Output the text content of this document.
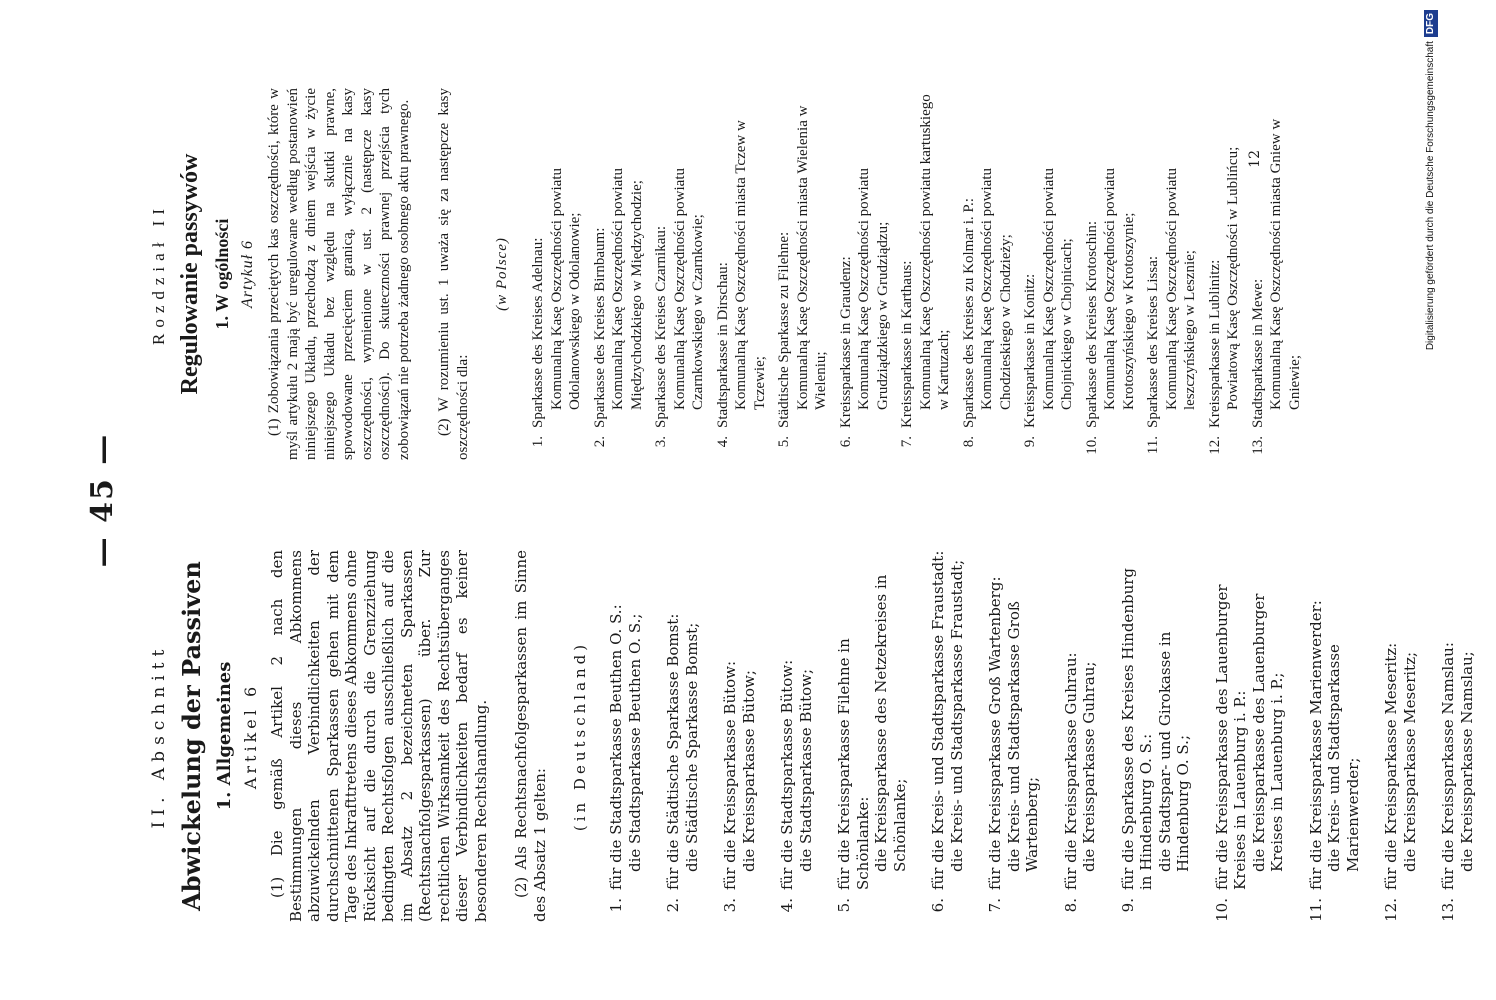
— 45 —
II. Abschnitt Abwickelung der Passiven 1. Allgemeines Artikel 6 (1) Die gemäß Artikel 2 nach den Bestimmungen dieses Abkommens abzuwickelnden Verbindlichkeiten der durchschnittenen Sparkassen gehen mit dem Tage des Inkrafttretens dieses Abkommens ohne Rücksicht auf die durch die Grenzziehung bedingten Rechtsfolgen ausschließlich auf die im Absatz 2 bezeichneten Sparkassen (Rechtsnachfolgesparkassen) über. Zur rechtlichen Wirksamkeit des Rechtsüberganges dieser Verbindlichkeiten bedarf es keiner besonderen Rechtshandlung. (2) Als Rechtsnachfolgesparkassen im Sinne des Absatz 1 gelten:
(in Deutschland)
1.
für die Stadtsparkasse Beuthen O. S.: die Stadtsparkasse Beuthen O. S.;
2.
für die Städtische Sparkasse Bomst: die Städtische Sparkasse Bomst;
3.
für die Kreissparkasse Bütow: die Kreissparkasse Bütow;
4.
für die Stadtsparkasse Bütow: die Stadtsparkasse Bütow;
5.
für die Kreissparkasse Filehne in Schönlanke: die Kreissparkasse des Netzekreises in Schönlanke;
6.
für die Kreis- und Stadtsparkasse Fraustadt: die Kreis- und Stadtsparkasse Fraustadt;
7.
für die Kreissparkasse Groß Wartenberg: die Kreis- und Stadtsparkasse Groß Wartenberg;
8.
für die Kreissparkasse Guhrau: die Kreissparkasse Guhrau;
9.
für die Sparkasse des Kreises Hindenburg in Hindenburg O. S.: die Stadtspar- und Girokasse in Hindenburg O. S.;
10.
für die Kreissparkasse des Lauenburger Kreises in Lauenburg i. P.: die Kreissparkasse des Lauenburger Kreises in Lauenburg i. P.;
11.
für die Kreissparkasse Marienwerder: die Kreis- und Stadtsparkasse Marienwerder;
12.
für die Kreissparkasse Meseritz: die Kreissparkasse Meseritz;
13.
für die Kreissparkasse Namslau: die Kreissparkasse Namslau;
Rozdział II Regulowanie passywów 1. W ogólności Artykuł 6 (1) Zobowiązania przeciętych kas oszczędności, które w myśl artykułu 2 mają być uregulowane według postanowień niniejszego Układu, przechodzą z dniem wejścia w życie niniejszego Układu bez względu na skutki prawne, spowodowane przecięciem granicą, wyłącznie na kasy oszczędności, wymienione w ust. 2 (następcze kasy oszczędności). Do skuteczności prawnej przejścia tych zobowiązań nie potrzeba żadnego osobnego aktu prawnego. (2) W rozumieniu ust. 1 uważa się za następcze kasy oszczędności dla:
(w Polsce)
1.
Sparkasse des Kreises Adelnau: Komunalną Kasę Oszczędności powiatu Odolanowskiego w Odolanowie;
2.
Sparkasse des Kreises Birnbaum: Komunalną Kasę Oszczędności powiatu Międzychodzkiego w Międzychodzie;
3.
Sparkasse des Kreises Czarnikau: Komunalną Kasę Oszczędności powiatu Czarnkowskiego w Czarnkowie;
4.
Stadtsparkasse in Dirschau: Komunalną Kasę Oszczędności miasta Tczew w Tczewie;
5.
Städtische Sparkasse zu Filehne: Komunalną Kasę Oszczędności miasta Wielenia w Wieleniu;
6.
Kreissparkasse in Graudenz: Komunalną Kasę Oszczędności powiatu Grudziądzkiego w Grudziądzu;
7.
Kreissparkasse in Karthaus: Komunalną Kasę Oszczędności powiatu kartuskiego w Kartuzach;
8.
Sparkasse des Kreises zu Kolmar i. P.: Komunalną Kasę Oszczędności powiatu Chodzieskiego w Chodzieży;
9.
Kreissparkasse in Konitz: Komunalną Kasę Oszczędności powiatu Chojnickiego w Chojnicach;
10.
Sparkasse des Kreises Krotoschin: Komunalną Kasę Oszczędności powiatu Krotoszyńskiego w Krotoszynie;
11.
Sparkasse des Kreises Lissa: Komunalną Kasę Oszczędności powiatu leszczyńskiego w Lesznie;
12.
Kreissparkasse in Lublinitz: Powiatową Kasę Oszczędności w Lublińcu;
13.
Stadtsparkasse in Mewe: Komunalną Kasę Oszczędności miasta Gniew w Gniewie;
12	Digitalisierung gefördert durch die Deutsche ForschungsgemeinschaftDFG
